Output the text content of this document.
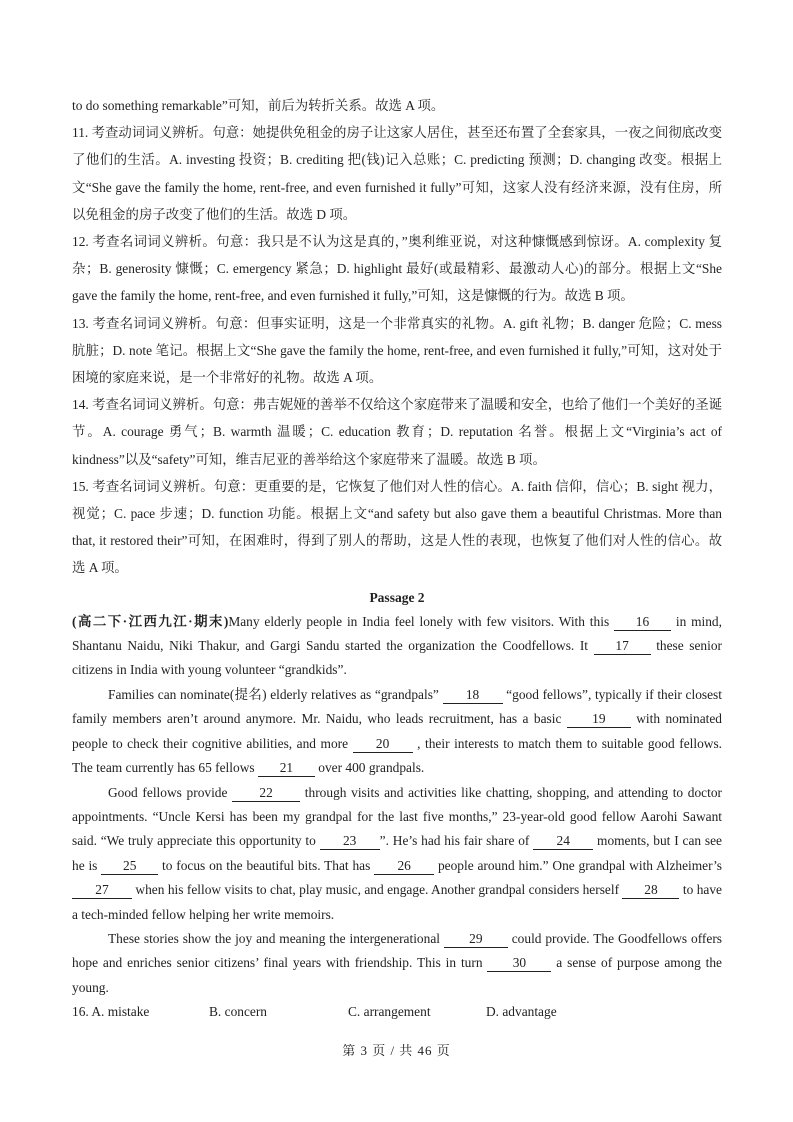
to do something remarkable”可知，前后为转折关系。故选 A 项。

11. 考查动词词义辨析。句意：她提供免租金的房子让这家人居住，甚至还布置了全套家具，一夜之间彻底改变了他们的生活。A. investing 投资；B. crediting 把(钱)记入总账；C. predicting 预测；D. changing 改变。根据上文“She gave the family the home, rent-free, and even furnished it fully”可知，这家人没有经济来源，没有住房，所以免租金的房子改变了他们的生活。故选 D 项。

12. 考查名词词义辨析。句意：我只是不认为这是真的，”奥利维亚说，对这种慷慨感到惊讶。A. complexity 复杂；B. generosity 慷慨；C. emergency 紧急；D. highlight 最好(或最精彩、最激动人心)的部分。根据上文“She gave the family the home, rent-free, and even furnished it fully,”可知，这是慷慨的行为。故选 B 项。

13. 考查名词词义辨析。句意：但事实证明，这是一个非常真实的礼物。A. gift 礼物；B. danger 危险；C. mess 肮脏；D. note 笔记。根据上文“She gave the family the home, rent-free, and even furnished it fully,”可知，这对处于困境的家庭来说，是一个非常好的礼物。故选 A 项。

14. 考查名词词义辨析。句意：弗吉妮娅的善举不仅给这个家庭带来了温暖和安全，也给了他们一个美好的圣诞节。A. courage 勇气；B. warmth 温暖；C. education 教育；D. reputation 名誉。根据上文“Virginia’s act of kindness”以及“safety”可知，维吉尼亚的善举给这个家庭带来了温暖。故选 B 项。

15. 考查名词词义辨析。句意：更重要的是，它恢复了他们对人性的信心。A. faith 信仰，信心；B. sight 视力，视觉；C. pace 步速；D. function 功能。根据上文“and safety but also gave them a beautiful Christmas. More than that, it restored their”可知，在困难时，得到了别人的帮助，这是人性的表现，也恢复了他们对人性的信心。故选 A 项。

Passage 2

(高二下·江西九江·期末)Many elderly people in India feel lonely with few visitors. With this 16 in mind, Shantanu Naidu, Niki Thakur, and Gargi Sandu started the organization the Coodfellows. It 17 these senior citizens in India with young volunteer “grandkids”.

Families can nominate(提名) elderly relatives as “grandpals” 18 “good fellows”, typically if their closest family members aren’t around anymore. Mr. Naidu, who leads recruitment, has a basic 19 with nominated people to check their cognitive abilities, and more 20 , their interests to match them to suitable good fellows. The team currently has 65 fellows 21 over 400 grandpals.

Good fellows provide 22 through visits and activities like chatting, shopping, and attending to doctor appointments. “Uncle Kersi has been my grandpal for the last five months,” 23-year-old good fellow Aarohi Sawant said. “We truly appreciate this opportunity to 23 ”. He’s had his fair share of 24 moments, but I can see he is 25 to focus on the beautiful bits. That has 26 people around him.” One grandpal with Alzheimer’s 27 when his fellow visits to chat, play music, and engage. Another grandpal considers herself 28 to have a tech-minded fellow helping her write memoirs.

These stories show the joy and meaning the intergenerational 29 could provide. The Goodfellows offers hope and enriches senior citizens’ final years with friendship. This in turn 30 a sense of purpose among the young.

16. A. mistake	B. concern	C. arrangement	D. advantage

第 3 页 / 共 46 页
